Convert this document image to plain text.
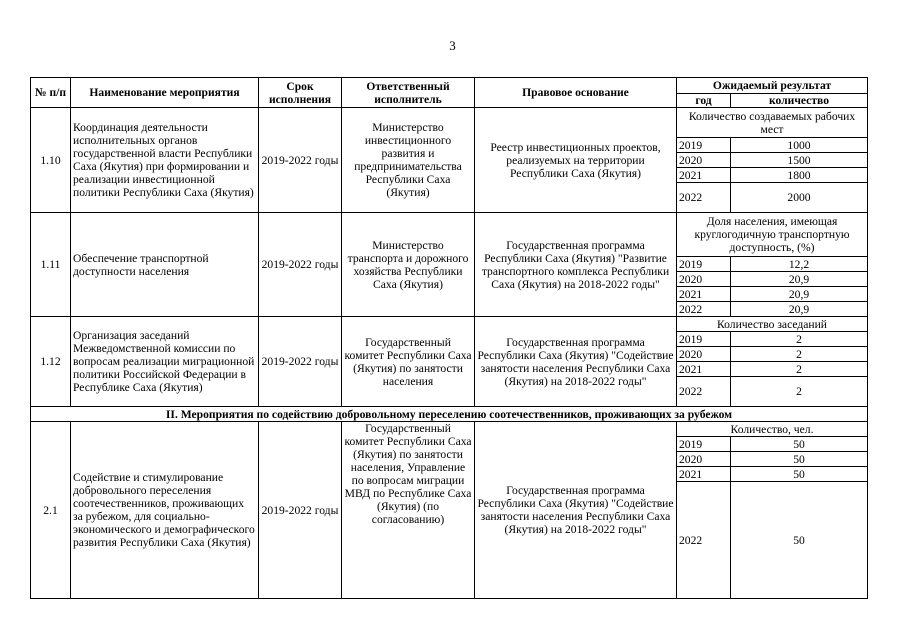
3
№ п/п	Наименование мероприятия	Срок исполнения	Ответственный исполнитель	Правовое основание	Ожидаемый результат	
					год	количество
1.10	Координация деятельности исполнительных органов государственной власти Республики Саха (Якутия) при формировании и реализации инвестиционной политики Республики Саха (Якутия)	2019-2022 годы	Министерство инвестиционного развития и предпринимательства Республики Саха (Якутия)	Реестр инвестиционных проектов, реализуемых на территории Республики Саха (Якутия)	Количество создаваемых рабочих мест	
					2019	1000
					2020	1500
					2021	1800
					2022	2000
1.11	Обеспечение транспортной доступности населения	2019-2022 годы	Министерство транспорта и дорожного хозяйства Республики Саха (Якутия)	Государственная программа Республики Саха (Якутия) "Развитие транспортного комплекса Республики Саха (Якутия) на 2018-2022 годы"	Доля населения, имеющая круглогодичную транспортную доступность, (%)	
					2019	12,2
					2020	20,9
					2021	20,9
					2022	20,9
1.12	Организация заседаний Межведомственной комиссии по вопросам реализации миграционной политики Российской Федерации в Республике Саха (Якутия)	2019-2022 годы	Государственный комитет Республики Саха (Якутия) по занятости населения	Государственная программа Республики Саха (Якутия) "Содействие занятости населения Республики Саха (Якутия) на 2018-2022 годы"	Количество заседаний	
					2019	2
					2020	2
					2021	2
					2022	2
II. Мероприятия по содействию добровольному переселению соотечественников, проживающих за рубежом						
2.1	Содействие и стимулирование добровольного переселения соотечественников, проживающих за рубежом, для социально-экономического и демографического развития Республики Саха (Якутия)	2019-2022 годы	Государственный комитет Республики Саха (Якутия) по занятости населения, Управление по вопросам миграции МВД по Республике Саха (Якутия) (по согласованию)	Государственная программа Республики Саха (Якутия) "Содействие занятости населения Республики Саха (Якутия) на 2018-2022 годы"	Количество, чел.	
					2019	50
					2020	50
					2021	50
					2022	50
